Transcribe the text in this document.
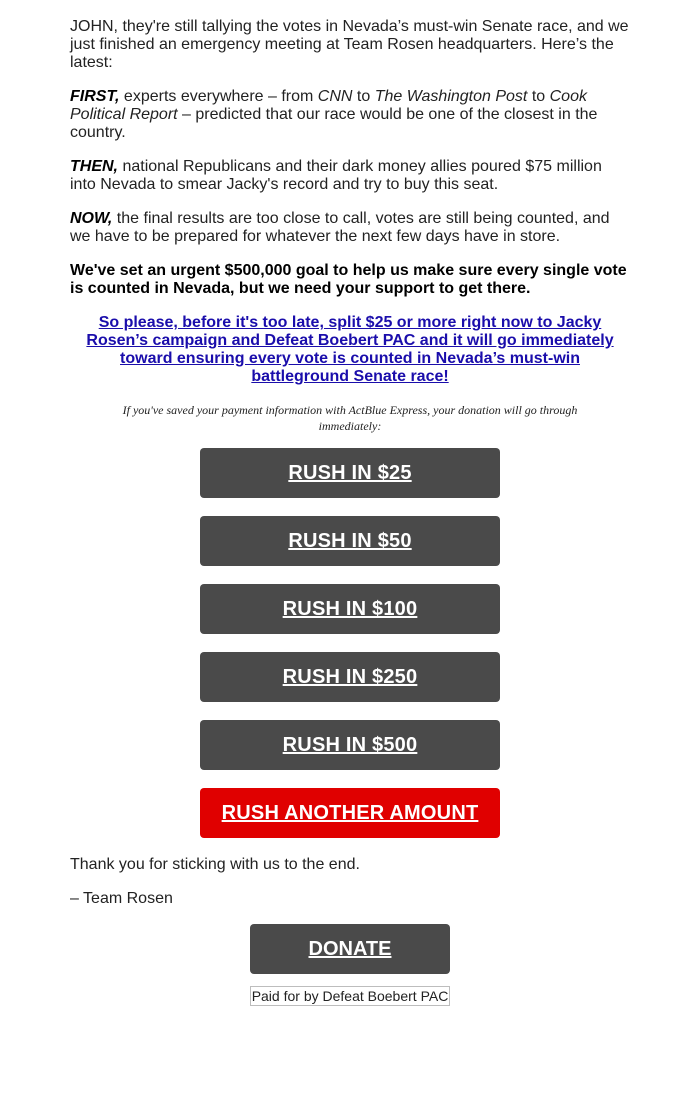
JOHN, they're still tallying the votes in Nevada’s must-win Senate race, and we just finished an emergency meeting at Team Rosen headquarters. Here’s the latest:

FIRST, experts everywhere – from CNN to The Washington Post to Cook Political Report – predicted that our race would be one of the closest in the country.

THEN, national Republicans and their dark money allies poured $75 million into Nevada to smear Jacky's record and try to buy this seat.

NOW, the final results are too close to call, votes are still being counted, and we have to be prepared for whatever the next few days have in store.

We've set an urgent $500,000 goal to help us make sure every single vote is counted in Nevada, but we need your support to get there.

So please, before it's too late, split $25 or more right now to Jacky Rosen’s campaign and Defeat Boebert PAC and it will go immediately toward ensuring every vote is counted in Nevada’s must-win battleground Senate race!
If you've saved your payment information with ActBlue Express, your donation will go through immediately:
RUSH IN $25
RUSH IN $50
RUSH IN $100
RUSH IN $250
RUSH IN $500
RUSH ANOTHER AMOUNT

Thank you for sticking with us to the end.

– Team Rosen

DONATE
Paid for by Defeat Boebert PAC
